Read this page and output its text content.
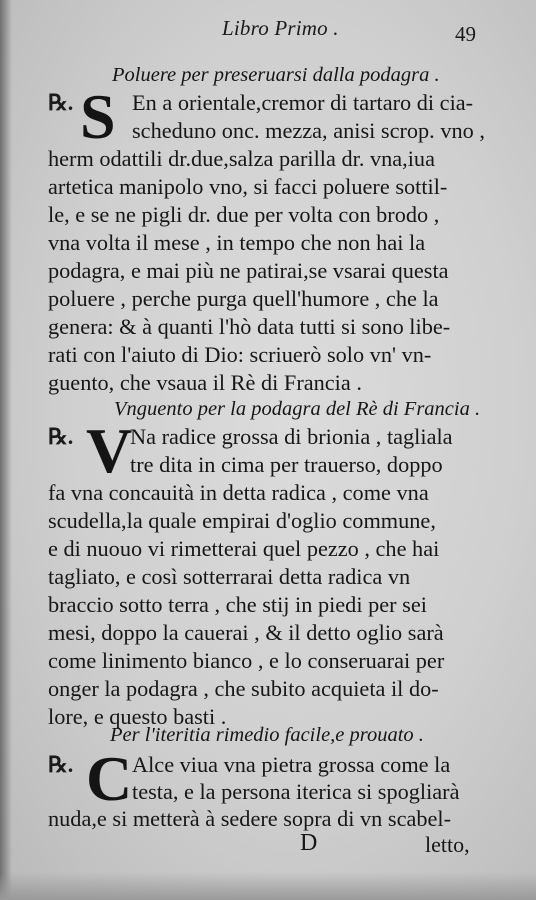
Libro Primo .	49
Poluere per preseruarsi dalla podagra .
℞. S En a orientale,cremor di tartaro di cia-
scheduno onc. mezza, anisi scrop. vno ,
herm odattili dr.due,salza parilla dr. vna,iua
artetica manipolo vno, si facci poluere sottil-
le, e se ne pigli dr. due per volta con brodo ,
vna volta il mese , in tempo che non hai la
podagra, e mai più ne patirai,se vsarai questa
poluere , perche purga quell'humore , che la
genera: & à quanti l'hò data tutti si sono libe-
rati con l'aiuto di Dio: scriuerò solo vn' vn-
guento, che vsaua il Rè di Francia .
Vnguento per la podagra del Rè di Francia .
℞. V
Na radice grossa di brionia , tagliala
tre dita in cima per trauerso, doppo
fa vna concauità in detta radica , come vna
scudella,la quale empirai d'oglio commune,
e di nuouo vi rimetterai quel pezzo , che hai
tagliato, e così sotterrarai detta radica vn
braccio sotto terra , che stij in piedi per sei
mesi, doppo la cauerai , & il detto oglio sarà
come linimento bianco , e lo conseruarai per
onger la podagra , che subito acquieta il do-
lore, e questo basti .
Per l'iteritia rimedio facile,e prouato .
℞. C Alce viua vna pietra grossa come la
testa, e la persona iterica si spogliarà
nuda,e si metterà à sedere sopra di vn scabel-
D	letto,
